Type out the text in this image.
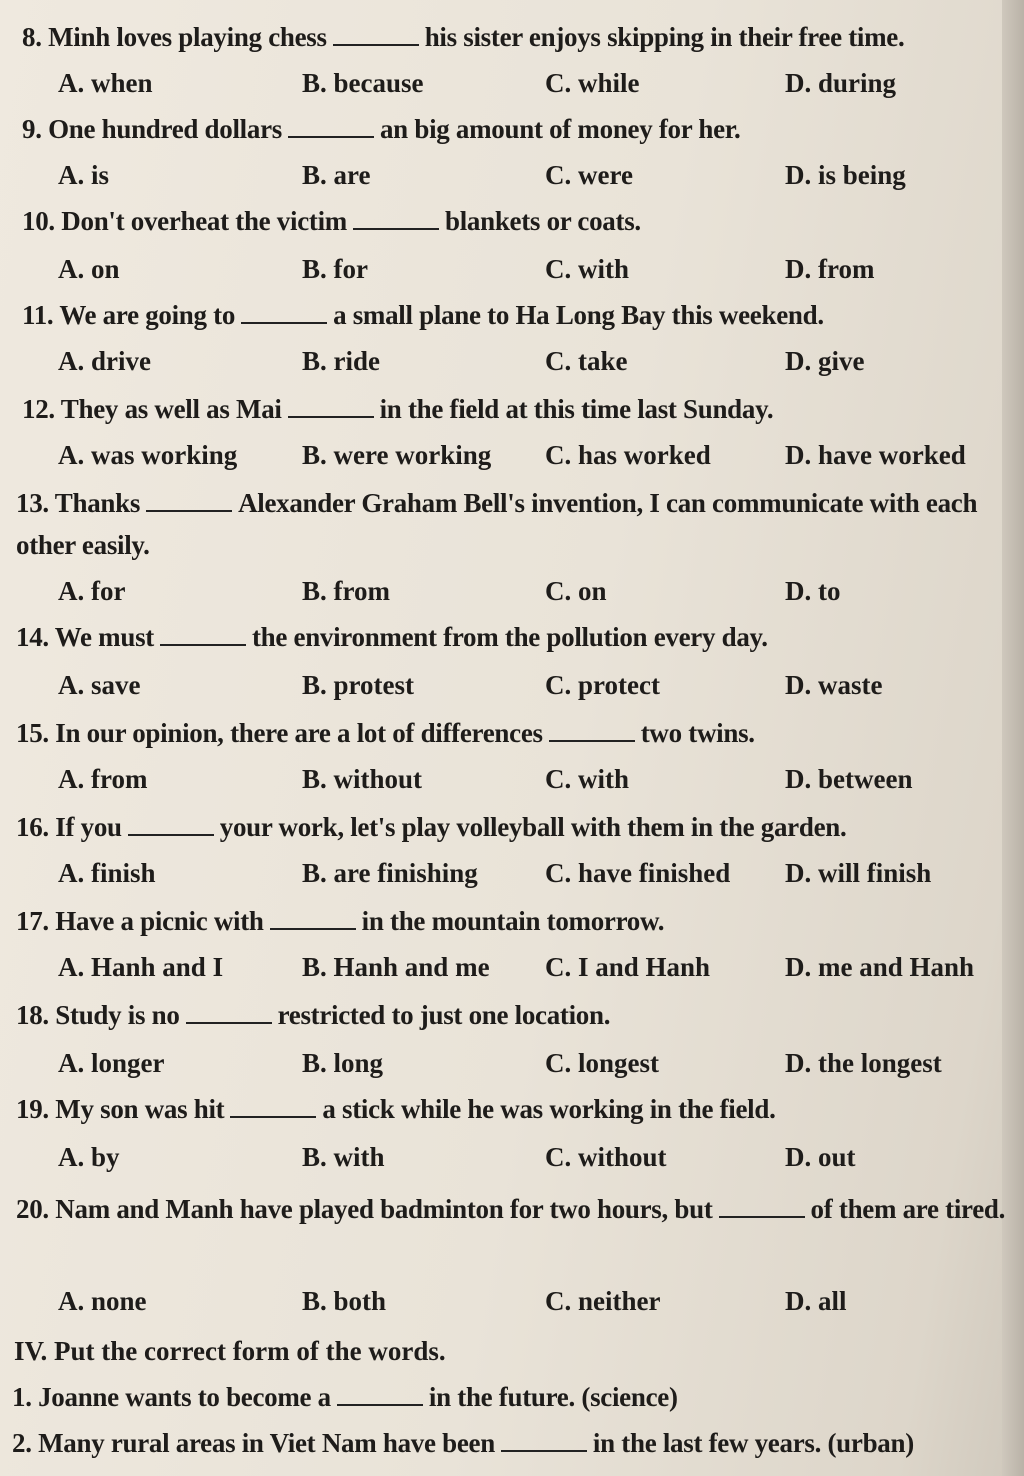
8. Minh loves playing chess	his sister enjoys skipping in their free time.
A. when	B. because	C. while	D. during
9. One hundred dollars	an big amount of money for her.
A. is	B. are	C. were	D. is being
10. Don't overheat the victim	blankets or coats.
A. on	B. for	C. with	D. from
11. We are going to	a small plane to Ha Long Bay this weekend.
A. drive	B. ride	C. take	D. give
12. They as well as Mai	in the field at this time last Sunday.
A. was working B. were working C. has worked	D. have worked
13. Thanks	Alexander Graham Bell's invention, I can communicate with each other easily.
A. for	B. from	C. on	D. to
14. We must	the environment from the pollution every day.
A. save	B. protest	C. protect	D. waste
15. In our opinion, there are a lot of differences	two twins.
A. from	B. without	C. with	D. between
16. If you	your work, let's play volleyball with them in the garden.
A. finish	B. are finishing C. have finished D. will finish
17. Have a picnic with	in the mountain tomorrow.
A. Hanh and I	B. Hanh and me C. I and Hanh	D. me and Hanh
18. Study is no	restricted to just one location.
A. longer	B. long	C. longest	D. the longest
19. My son was hit	a stick while he was working in the field.
A. by	B. with	C. without	D. out
20. Nam and Manh have played badminton for two hours, but	of them are tired.
A. none	B. both	C. neither	D. all
IV. Put the correct form of the words.
1. Joanne wants to become a	in the future. (science)
2. Many rural areas in Viet Nam have been	in the last few years. (urban)
